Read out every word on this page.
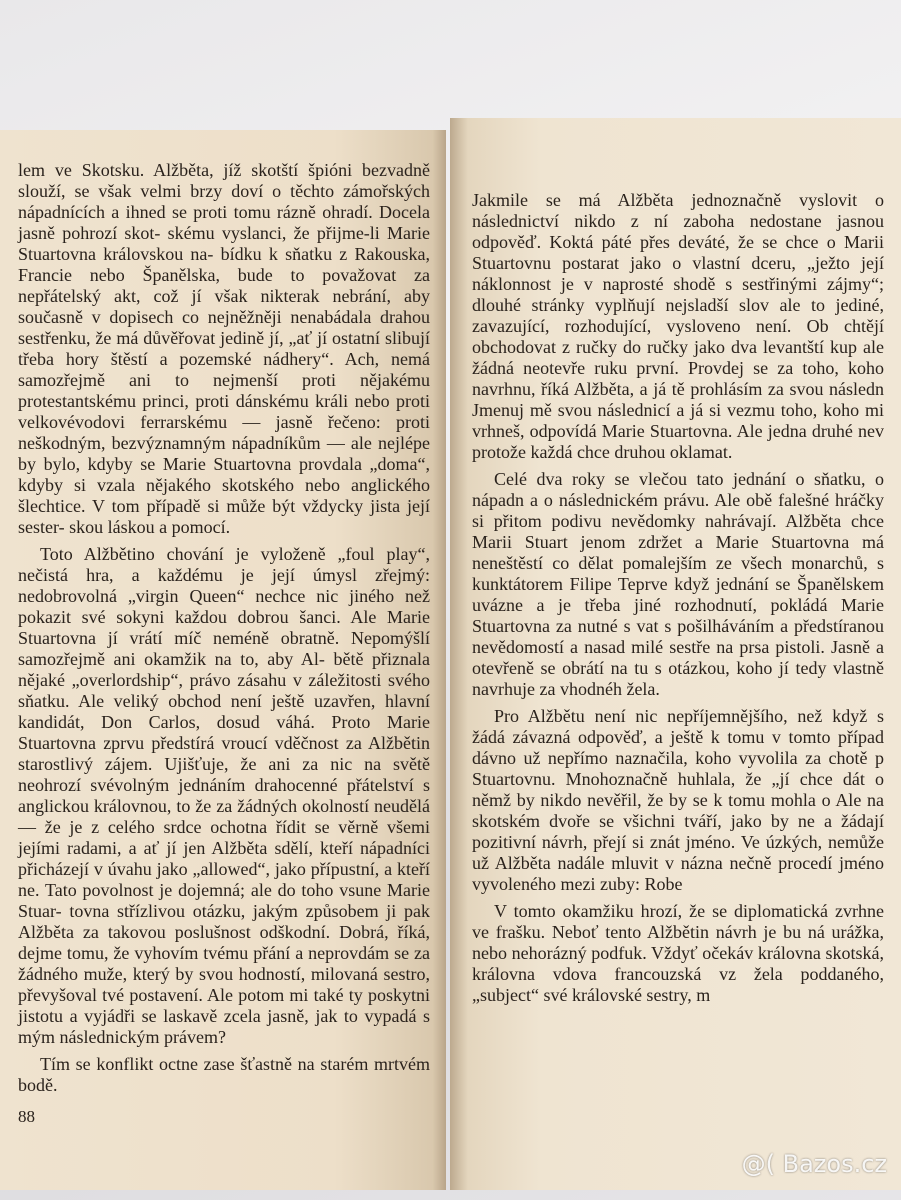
lem ve Skotsku. Alžběta, jíž skotští špióni bezvadně slouží, se však velmi brzy doví o těchto zámořských nápadnících a ihned se proti tomu rázně ohradí. Docela jasně pohrozí skot- skému vyslanci, že přijme-li Marie Stuartovna královskou na- bídku k sňatku z Rakouska, Francie nebo Španělska, bude to považovat za nepřátelský akt, což jí však nikterak nebrání, aby současně v dopisech co nejněžněji nenabádala drahou sestřenku, že má důvěřovat jedině jí, „ať jí ostatní slibují třeba hory štěstí a pozemské nádhery“. Ach, nemá samozřejmě ani to nejmenší proti nějakému protestantskému princi, proti dánskému králi nebo proti velkovévodovi ferrarskému — jasně řečeno: proti neškodným, bezvýznamným nápadníkům — ale nejlépe by bylo, kdyby se Marie Stuartovna provdala „doma“, kdyby si vzala nějakého skotského nebo anglického šlechtice. V tom případě si může být vždycky jista její sester- skou láskou a pomocí.

Toto Alžbětino chování je vyloženě „foul play“, nečistá hra, a každému je její úmysl zřejmý: nedobrovolná „virgin Queen“ nechce nic jiného než pokazit své sokyni každou dobrou šanci. Ale Marie Stuartovna jí vrátí míč neméně obratně. Nepomýšlí samozřejmě ani okamžik na to, aby Al- bětě přiznala nějaké „overlordship“, právo zásahu v záležitosti svého sňatku. Ale veliký obchod není ještě uzavřen, hlavní kandidát, Don Carlos, dosud váhá. Proto Marie Stuartovna zprvu předstírá vroucí vděčnost za Alžbětin starostlivý zájem. Ujišťuje, že ani za nic na světě neohrozí svévolným jednáním drahocenné přátelství s anglickou královnou, to že za žádných okolností neudělá — že je z celého srdce ochotna řídit se věrně všemi jejími radami, a ať jí jen Alžběta sdělí, kteří nápadníci přicházejí v úvahu jako „allowed“, jako přípustní, a kteří ne. Tato povolnost je dojemná; ale do toho vsune Marie Stuar- tovna střízlivou otázku, jakým způsobem ji pak Alžběta za takovou poslušnost odškodní. Dobrá, říká, dejme tomu, že vyhovím tvému přání a neprovdám se za žádného muže, který by svou hodností, milovaná sestro, převyšoval tvé postavení. Ale potom mi také ty poskytni jistotu a vyjádři se laskavě zcela jasně, jak to vypadá s mým následnickým právem?

Tím se konflikt octne zase šťastně na starém mrtvém bodě.

88

Jakmile se má Alžběta jednoznačně vyslovit o následnictví nikdo z ní zaboha nedostane jasnou odpověď. Koktá páté přes deváté, že se chce o Marii Stuartovnu postarat jako o vlastní dceru, „ježto její náklonnost je v naprosté shodě s sestřinými zájmy“; dlouhé stránky vyplňují nejsladší slov ale to jediné, zavazující, rozhodující, vysloveno není. Ob chtějí obchodovat z ručky do ručky jako dva levantští kup ale žádná neotevře ruku první. Provdej se za toho, koho navrhnu, říká Alžběta, a já tě prohlásím za svou následn Jmenuj mě svou následnicí a já si vezmu toho, koho mi vrhneš, odpovídá Marie Stuartovna. Ale jedna druhé nev protože každá chce druhou oklamat.

Celé dva roky se vlečou tato jednání o sňatku, o nápadn a o následnickém právu. Ale obě falešné hráčky si přitom podivu nevědomky nahrávají. Alžběta chce Marii Stuart jenom zdržet a Marie Stuartovna má neneštěstí co dělat pomalejším ze všech monarchů, s kunktátorem Filipe Teprve když jednání se Španělskem uvázne a je třeba jiné rozhodnutí, pokládá Marie Stuartovna za nutné s vat s pošilháváním a předstíranou nevědomostí a nasad milé sestře na prsa pistoli. Jasně a otevřeně se obrátí na tu s otázkou, koho jí tedy vlastně navrhuje za vhodnéh žela.

Pro Alžbětu není nic nepříjemnějšího, než když s žádá závazná odpověď, a ještě k tomu v tomto případ dávno už nepřímo naznačila, koho vyvolila za chotě p Stuartovnu. Mnohoznačně huhlala, že „jí chce dát o němž by nikdo nevěřil, že by se k tomu mohla o Ale na skotském dvoře se všichni tváří, jako by ne a žádají pozitivní návrh, přejí si znát jméno. Ve úzkých, nemůže už Alžběta nadále mluvit v názna nečně procedí jméno vyvoleného mezi zuby: Robe

V tomto okamžiku hrozí, že se diplomatická zvrhne ve frašku. Neboť tento Alžbětin návrh je bu ná urážka, nebo nehorázný podfuk. Vždyť očekáv královna skotská, královna vdova francouzská vz žela poddaného, „subject“ své královské sestry, m

@( Bazos.cz
